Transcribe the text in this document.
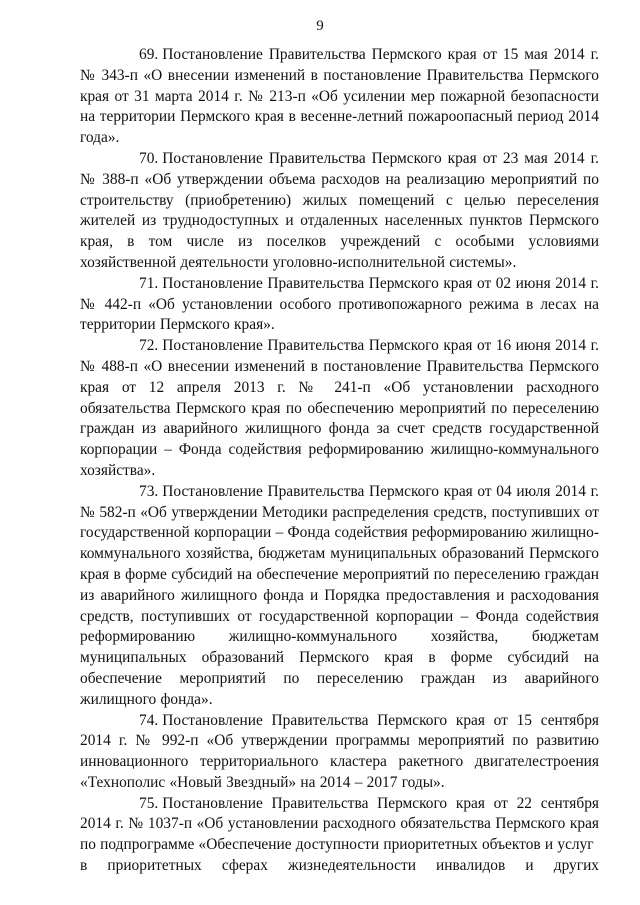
9

69. Постановление Правительства Пермского края от 15 мая 2014 г. № 343-п «О внесении изменений в постановление Правительства Пермского края от 31 марта 2014 г. № 213-п «Об усилении мер пожарной безопасности на территории Пермского края в весенне-летний пожароопасный период 2014 года».

70. Постановление Правительства Пермского края от 23 мая 2014 г. № 388-п «Об утверждении объема расходов на реализацию мероприятий по строительству (приобретению) жилых помещений с целью переселения жителей из труднодоступных и отдаленных населенных пунктов Пермского края, в том числе из поселков учреждений с особыми условиями хозяйственной деятельности уголовно-исполнительной системы».

71. Постановление Правительства Пермского края от 02 июня 2014 г. № 442-п «Об установлении особого противопожарного режима в лесах на территории Пермского края».

72. Постановление Правительства Пермского края от 16 июня 2014 г. № 488-п «О внесении изменений в постановление Правительства Пермского края от 12 апреля 2013 г. № 241-п «Об установлении расходного обязательства Пермского края по обеспечению мероприятий по переселению граждан из аварийного жилищного фонда за счет средств государственной корпорации – Фонда содействия реформированию жилищно-коммунального хозяйства».

73. Постановление Правительства Пермского края от 04 июля 2014 г. № 582-п «Об утверждении Методики распределения средств, поступивших от государственной корпорации – Фонда содействия реформированию жилищно-коммунального хозяйства, бюджетам муниципальных образований Пермского края в форме субсидий на обеспечение мероприятий по переселению граждан из аварийного жилищного фонда и Порядка предоставления и расходования средств, поступивших от государственной корпорации – Фонда содействия реформированию жилищно-коммунального хозяйства, бюджетам муниципальных образований Пермского края в форме субсидий на обеспечение мероприятий по переселению граждан из аварийного жилищного фонда».

74. Постановление Правительства Пермского края от 15 сентября 2014 г. № 992-п «Об утверждении программы мероприятий по развитию инновационного территориального кластера ракетного двигателестроения «Технополис «Новый Звездный» на 2014 – 2017 годы».

75. Постановление Правительства Пермского края от 22 сентября 2014 г. № 1037-п «Об установлении расходного обязательства Пермского края по подпрограмме «Обеспечение доступности приоритетных объектов и услуг

в приоритетных сферах жизнедеятельности инвалидов и других
